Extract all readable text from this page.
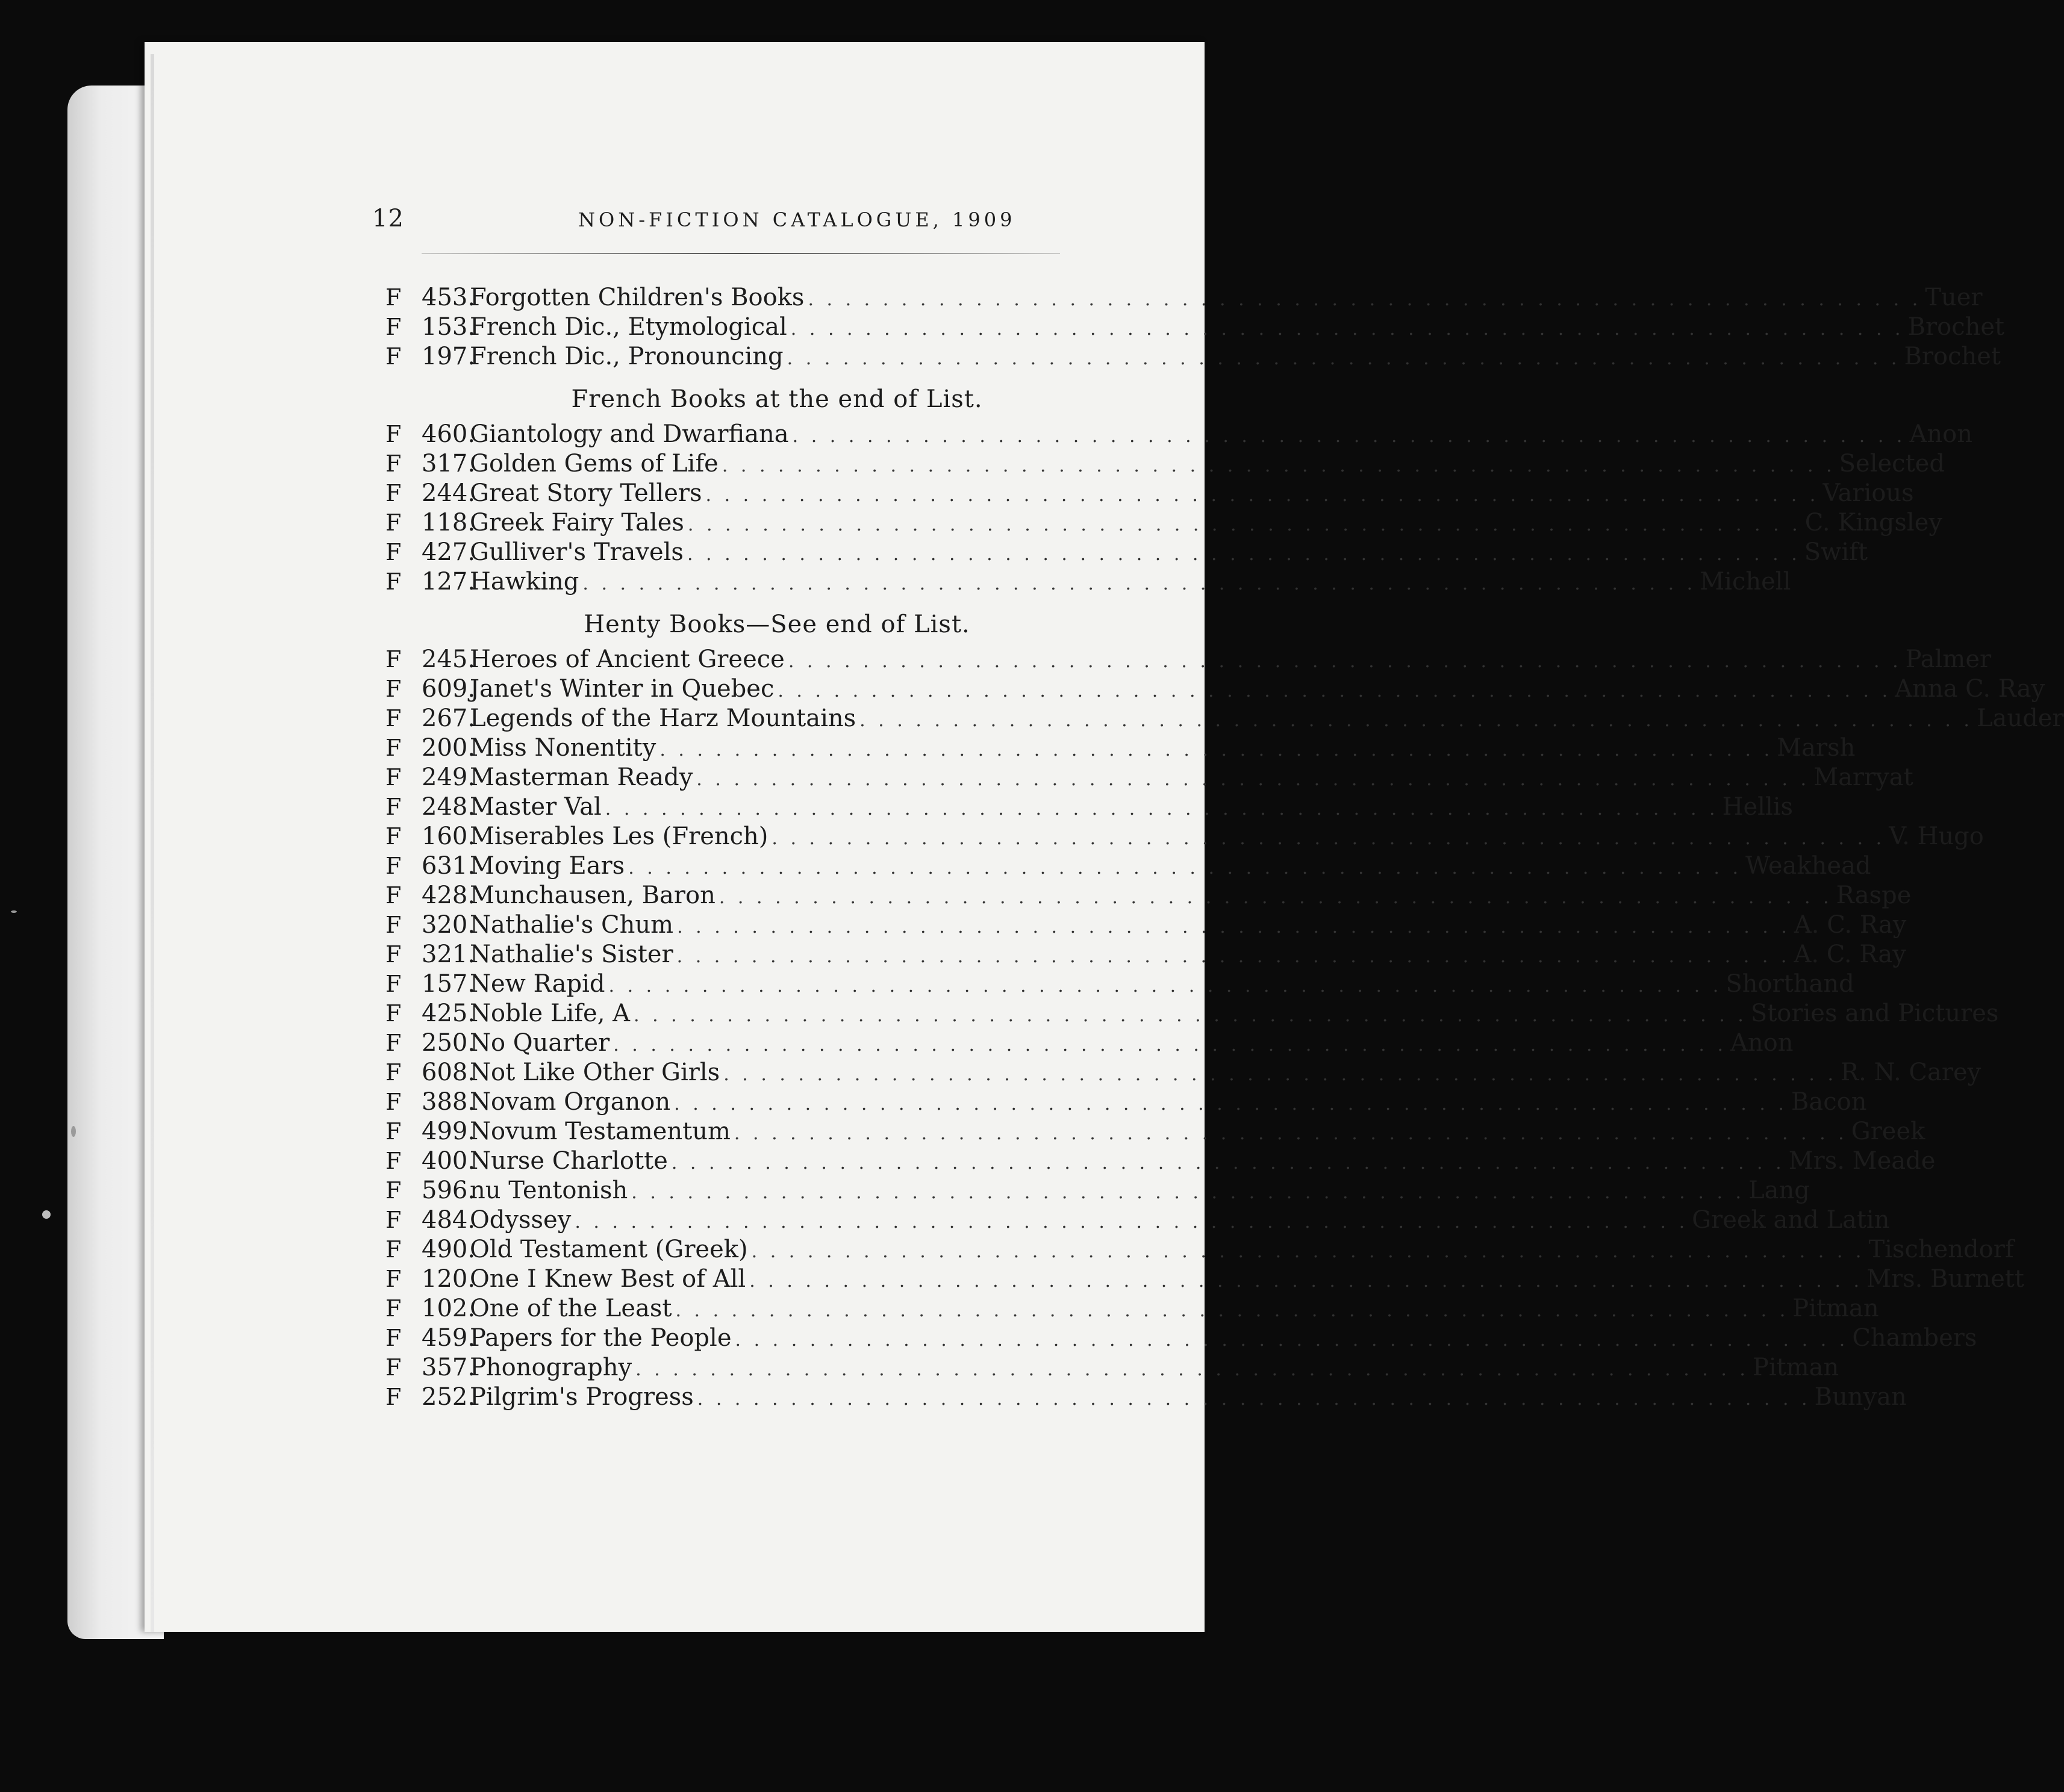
12	NON-FICTION CATALOGUE, 1909
F 453.
Forgotten Children's Books . . . . . . . . . . . . . . . . . . . . . . . . . . . . . . . . . . . . . . . . . . . . . . . . . . . . . . . . . . . . Tuer
F 153.
French Dic., Etymological . . . . . . . . . . . . . . . . . . . . . . . . . . . . . . . . . . . . . . . . . . . . . . . . . . . . . . . . . . . . Brochet
F 197.
French Dic., Pronouncing . . . . . . . . . . . . . . . . . . . . . . . . . . . . . . . . . . . . . . . . . . . . . . . . . . . . . . . . . . . . Brochet
French Books at the end of List.
F 460.
Giantology and Dwarfiana . . . . . . . . . . . . . . . . . . . . . . . . . . . . . . . . . . . . . . . . . . . . . . . . . . . . . . . . . . . . Anon
F 317.
Golden Gems of Life . . . . . . . . . . . . . . . . . . . . . . . . . . . . . . . . . . . . . . . . . . . . . . . . . . . . . . . . . . . . Selected
F 244.
Great Story Tellers . . . . . . . . . . . . . . . . . . . . . . . . . . . . . . . . . . . . . . . . . . . . . . . . . . . . . . . . . . . . Various
F 118.
Greek Fairy Tales . . . . . . . . . . . . . . . . . . . . . . . . . . . . . . . . . . . . . . . . . . . . . . . . . . . . . . . . . . . . C. Kingsley
F 427.
Gulliver's Travels . . . . . . . . . . . . . . . . . . . . . . . . . . . . . . . . . . . . . . . . . . . . . . . . . . . . . . . . . . . . Swift
F 127.
Hawking . . . . . . . . . . . . . . . . . . . . . . . . . . . . . . . . . . . . . . . . . . . . . . . . . . . . . . . . . . . . Michell
Henty Books—See end of List.
F 245.
Heroes of Ancient Greece . . . . . . . . . . . . . . . . . . . . . . . . . . . . . . . . . . . . . . . . . . . . . . . . . . . . . . . . . . . . Palmer
F 609.
Janet's Winter in Quebec . . . . . . . . . . . . . . . . . . . . . . . . . . . . . . . . . . . . . . . . . . . . . . . . . . . . . . . . . . . . Anna C. Ray
F 267.
Legends of the Harz Mountains . . . . . . . . . . . . . . . . . . . . . . . . . . . . . . . . . . . . . . . . . . . . . . . . . . . . . . . . . . . . Lauder
F 200.
Miss Nonentity . . . . . . . . . . . . . . . . . . . . . . . . . . . . . . . . . . . . . . . . . . . . . . . . . . . . . . . . . . . . Marsh
F 249.
Masterman Ready . . . . . . . . . . . . . . . . . . . . . . . . . . . . . . . . . . . . . . . . . . . . . . . . . . . . . . . . . . . . Marryat
F 248.
Master Val . . . . . . . . . . . . . . . . . . . . . . . . . . . . . . . . . . . . . . . . . . . . . . . . . . . . . . . . . . . . Hellis
F 160.
Miserables Les (French) . . . . . . . . . . . . . . . . . . . . . . . . . . . . . . . . . . . . . . . . . . . . . . . . . . . . . . . . . . . . V. Hugo
F 631.
Moving Ears . . . . . . . . . . . . . . . . . . . . . . . . . . . . . . . . . . . . . . . . . . . . . . . . . . . . . . . . . . . . Weakhead
F 428.
Munchausen, Baron . . . . . . . . . . . . . . . . . . . . . . . . . . . . . . . . . . . . . . . . . . . . . . . . . . . . . . . . . . . . Raspe
F 320.
Nathalie's Chum . . . . . . . . . . . . . . . . . . . . . . . . . . . . . . . . . . . . . . . . . . . . . . . . . . . . . . . . . . . . A. C. Ray
F 321.
Nathalie's Sister . . . . . . . . . . . . . . . . . . . . . . . . . . . . . . . . . . . . . . . . . . . . . . . . . . . . . . . . . . . . A. C. Ray
F 157.
New Rapid . . . . . . . . . . . . . . . . . . . . . . . . . . . . . . . . . . . . . . . . . . . . . . . . . . . . . . . . . . . . Shorthand
F 425.
Noble Life, A . . . . . . . . . . . . . . . . . . . . . . . . . . . . . . . . . . . . . . . . . . . . . . . . . . . . . . . . . . . . Stories and Pictures
F 250.
No Quarter . . . . . . . . . . . . . . . . . . . . . . . . . . . . . . . . . . . . . . . . . . . . . . . . . . . . . . . . . . . . Anon
F 608.
Not Like Other Girls . . . . . . . . . . . . . . . . . . . . . . . . . . . . . . . . . . . . . . . . . . . . . . . . . . . . . . . . . . . . R. N. Carey
F 388.
Novam Organon . . . . . . . . . . . . . . . . . . . . . . . . . . . . . . . . . . . . . . . . . . . . . . . . . . . . . . . . . . . . Bacon
F 499.
Novum Testamentum . . . . . . . . . . . . . . . . . . . . . . . . . . . . . . . . . . . . . . . . . . . . . . . . . . . . . . . . . . . . Greek
F 400.
Nurse Charlotte . . . . . . . . . . . . . . . . . . . . . . . . . . . . . . . . . . . . . . . . . . . . . . . . . . . . . . . . . . . . Mrs. Meade
F 596.
nu Tentonish . . . . . . . . . . . . . . . . . . . . . . . . . . . . . . . . . . . . . . . . . . . . . . . . . . . . . . . . . . . . Lang
F 484.
Odyssey . . . . . . . . . . . . . . . . . . . . . . . . . . . . . . . . . . . . . . . . . . . . . . . . . . . . . . . . . . . . Greek and Latin
F 490.
Old Testament (Greek) . . . . . . . . . . . . . . . . . . . . . . . . . . . . . . . . . . . . . . . . . . . . . . . . . . . . . . . . . . . . Tischendorf
F 120.
One I Knew Best of All . . . . . . . . . . . . . . . . . . . . . . . . . . . . . . . . . . . . . . . . . . . . . . . . . . . . . . . . . . . . Mrs. Burnett
F 102.
One of the Least . . . . . . . . . . . . . . . . . . . . . . . . . . . . . . . . . . . . . . . . . . . . . . . . . . . . . . . . . . . . Pitman
F 459.
Papers for the People . . . . . . . . . . . . . . . . . . . . . . . . . . . . . . . . . . . . . . . . . . . . . . . . . . . . . . . . . . . . Chambers
F 357.
Phonography . . . . . . . . . . . . . . . . . . . . . . . . . . . . . . . . . . . . . . . . . . . . . . . . . . . . . . . . . . . . Pitman
F 252.
Pilgrim's Progress . . . . . . . . . . . . . . . . . . . . . . . . . . . . . . . . . . . . . . . . . . . . . . . . . . . . . . . . . . . . Bunyan
